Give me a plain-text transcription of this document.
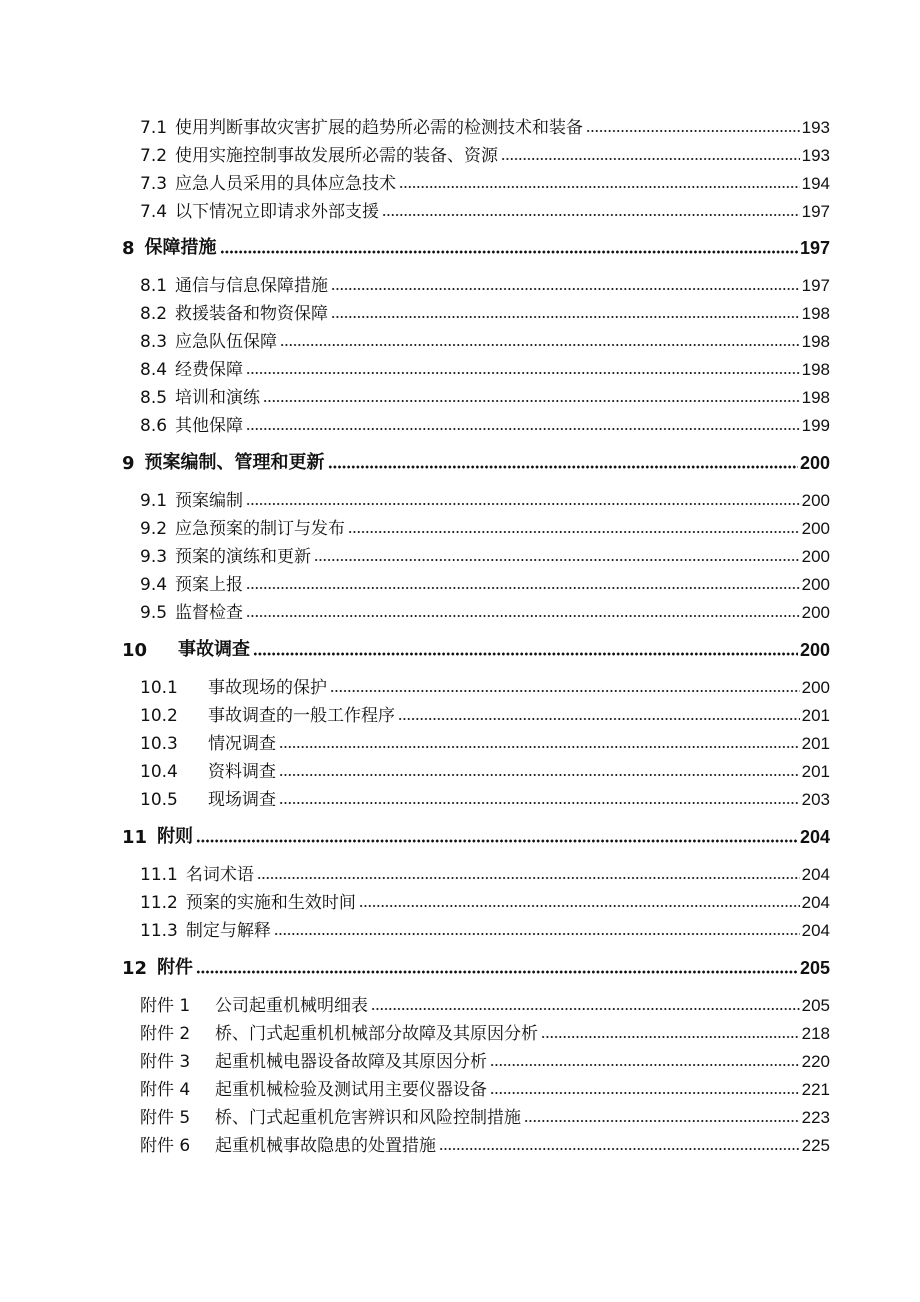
7.1 使用判断事故灾害扩展的趋势所必需的检测技术和装备	193
7.2 使用实施控制事故发展所必需的装备、资源	193
7.3 应急人员采用的具体应急技术	194
7.4 以下情况立即请求外部支援	197
8 保障措施	197
8.1 通信与信息保障措施	197
8.2 救援装备和物资保障	198
8.3 应急队伍保障	198
8.4 经费保障	198
8.5 培训和演练	198
8.6 其他保障	199
9 预案编制、管理和更新	200
9.1 预案编制	200
9.2 应急预案的制订与发布	200
9.3 预案的演练和更新	200
9.4 预案上报	200
9.5 监督检查	200
10	事故调查	200
10.1	事故现场的保护	200
10.2	事故调查的一般工作程序	201
10.3	情况调查	201
10.4	资料调查	201
10.5	现场调查	203
11 附则	204
11.1 名词术语	204
11.2 预案的实施和生效时间	204
11.3 制定与解释	204
12 附件	205
附件 1	公司起重机械明细表	205
附件 2	桥、门式起重机机械部分故障及其原因分析	218
附件 3	起重机械电器设备故障及其原因分析	220
附件 4	起重机械检验及测试用主要仪器设备	221
附件 5	桥、门式起重机危害辨识和风险控制措施	223
附件 6	起重机械事故隐患的处置措施	225
